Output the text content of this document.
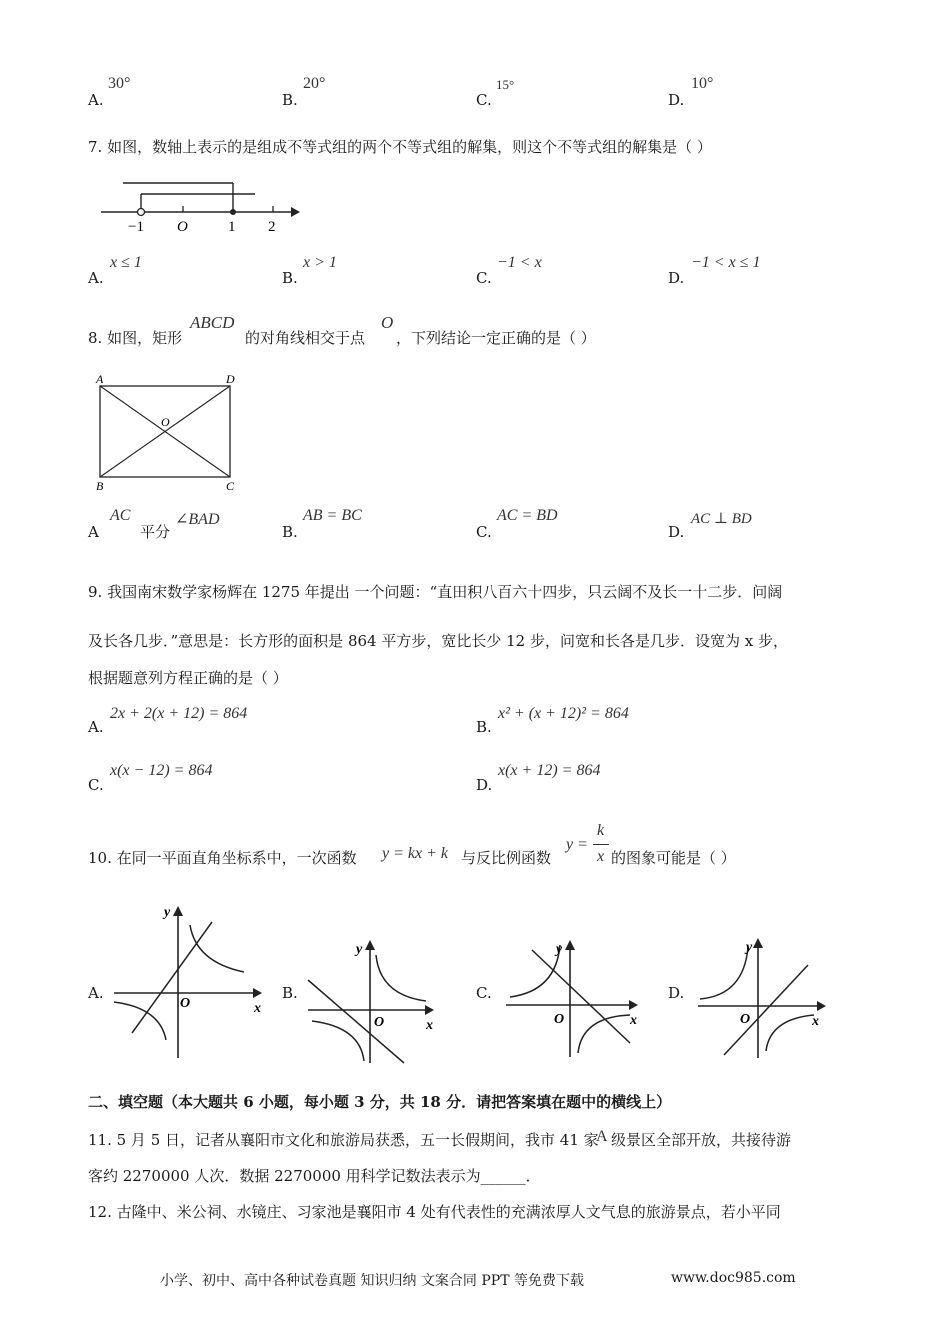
A.
30°
B.
20°
C.
15°
D.
10°
7. 如图，数轴上表示的是组成不等式组的两个不等式组的解集，则这个不等式组的解集是（ ）
−1 O	1 2
A.
x ≤ 1
B.
x > 1
C.
−1 < x
D.
−1 < x ≤ 1
8. 如图，矩形
ABCD
的对角线相交于点
O
，下列结论一定正确的是（ ）
A	D
B	C
O
A
AC
平分
∠BAD
B.
AB = BC
C.
AC = BD
D.
AC ⊥ BD
9. 我国南宋数学家杨辉在 1275 年提出 一个问题：“直田积八百六十四步，只云阔不及长一十二步．问阔
及长各几步．”意思是：长方形的面积是 864 平方步，宽比长少 12 步，问宽和长各是几步．设宽为 x 步，
根据题意列方程正确的是（ ）
A.
2x + 2(x + 12) = 864
B.
x² + (x + 12)² = 864
C.
x(x − 12) = 864
D.
x(x + 12) = 864
10. 在同一平面直角坐标系中，一次函数 y = kx + k 与反比例函数
y =
k
x 的图象可能是（ ）
A.	B.	C.	D.
y
x
O
y
x
O
y
x
O
y
x
O
二、填空题（本大题共 6 小题，每小题 3 分，共 18 分．请把答案填在题中的横线上）
11. 5 月 5 日，记者从襄阳市文化和旅游局获悉，五一长假期间，我市 41 家
A 级景区全部开放，共接待游
客约 2270000 人次．数据 2270000 用科学记数法表示为______．
12. 古隆中、米公祠、水镜庄、习家池是襄阳市 4 处有代表性的充满浓厚人文气息的旅游景点，若小平同
小学、初中、高中各种试卷真题 知识归纳 文案合同 PPT 等免费下载	www.doc985.com
